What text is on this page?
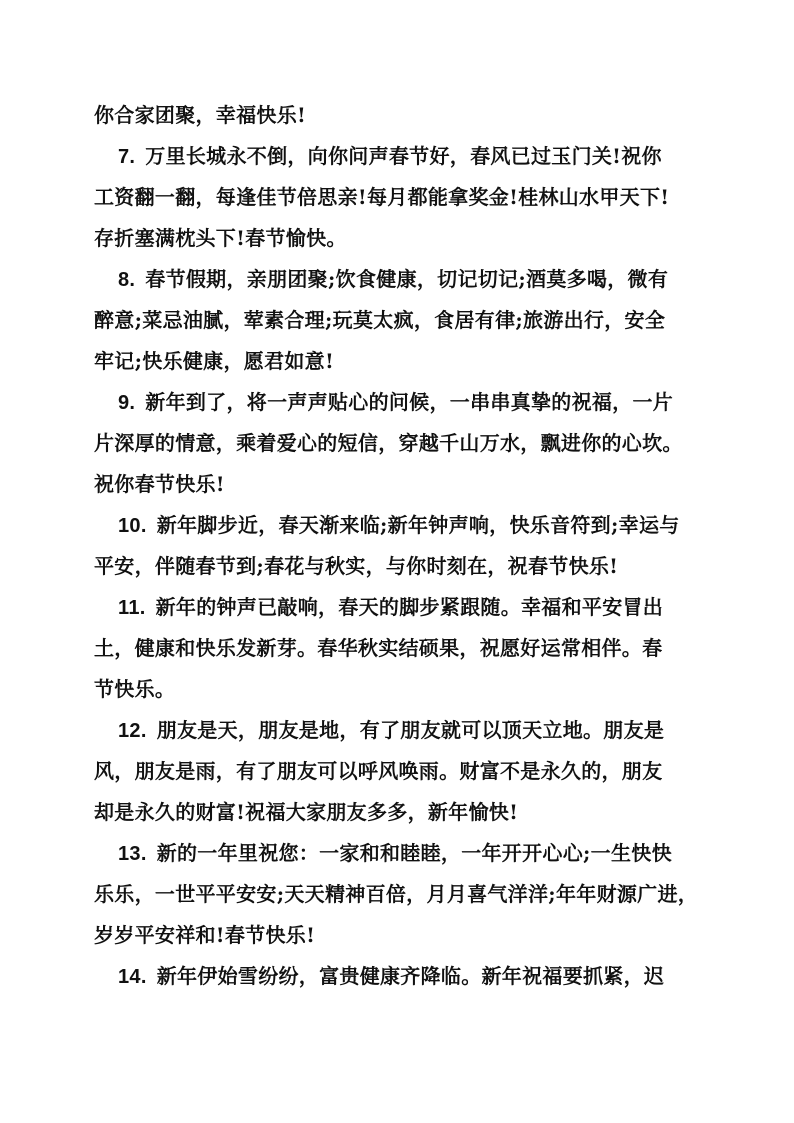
你合家团聚，幸福快乐!
7. 万里长城永不倒，向你问声春节好，春风已过玉门关!祝你
工资翻一翻，每逢佳节倍思亲!每月都能拿奖金!桂林山水甲天下!
存折塞满枕头下!春节愉快。
8. 春节假期，亲朋团聚;饮食健康，切记切记;酒莫多喝，微有
醉意;菜忌油腻，荤素合理;玩莫太疯，食居有律;旅游出行，安全
牢记;快乐健康，愿君如意!
9. 新年到了，将一声声贴心的问候，一串串真挚的祝福，一片
片深厚的情意，乘着爱心的短信，穿越千山万水，飘进你的心坎。
祝你春节快乐!
10. 新年脚步近，春天渐来临;新年钟声响，快乐音符到;幸运与
平安，伴随春节到;春花与秋实，与你时刻在，祝春节快乐!
11. 新年的钟声已敲响，春天的脚步紧跟随。幸福和平安冒出
土，健康和快乐发新芽。春华秋实结硕果，祝愿好运常相伴。春
节快乐。
12. 朋友是天，朋友是地，有了朋友就可以顶天立地。朋友是
风，朋友是雨，有了朋友可以呼风唤雨。财富不是永久的，朋友
却是永久的财富!祝福大家朋友多多，新年愉快!
13. 新的一年里祝您：一家和和睦睦，一年开开心心;一生快快
乐乐，一世平平安安;天天精神百倍，月月喜气洋洋;年年财源广进，
岁岁平安祥和!春节快乐!
14. 新年伊始雪纷纷，富贵健康齐降临。新年祝福要抓紧，迟
